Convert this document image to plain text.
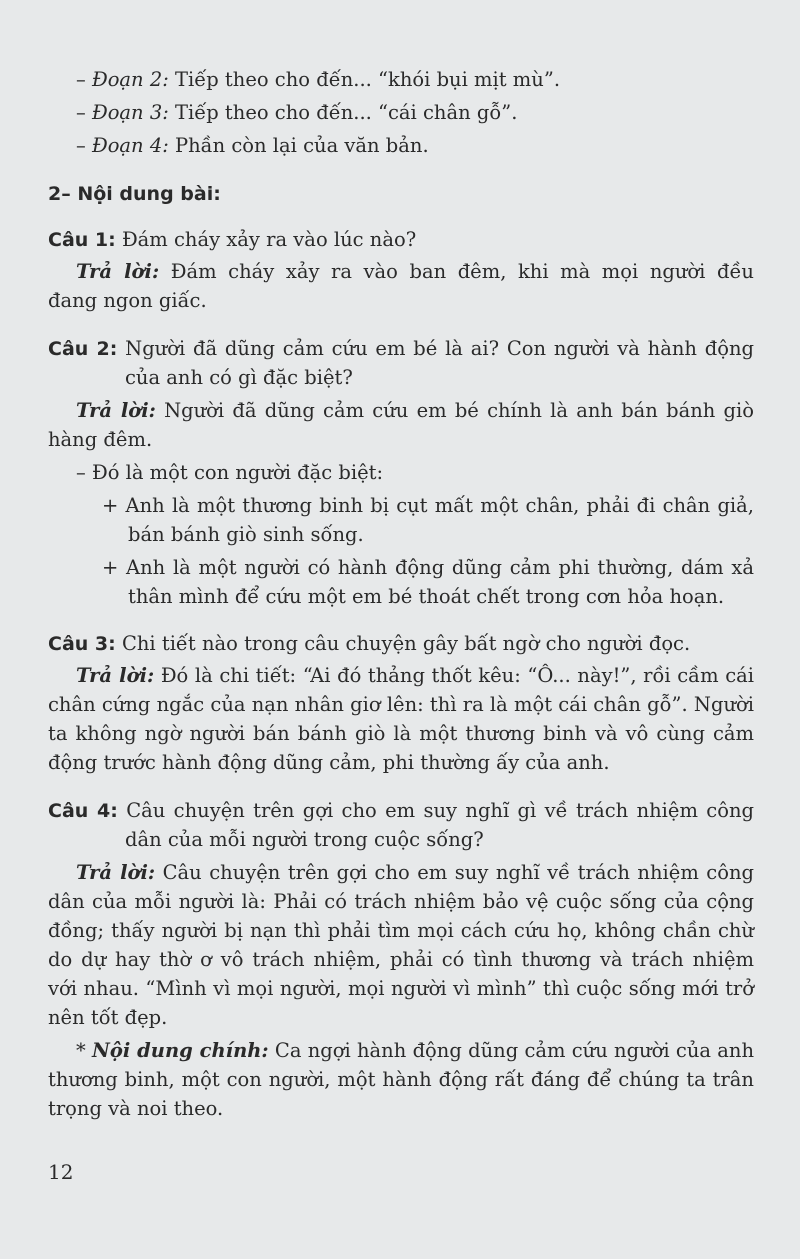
– Đoạn 2: Tiếp theo cho đến... “khói bụi mịt mù”.
– Đoạn 3: Tiếp theo cho đến... “cái chân gỗ”.
– Đoạn 4: Phần còn lại của văn bản.
2– Nội dung bài:
Câu 1: Đám cháy xảy ra vào lúc nào?
Trả lời: Đám cháy xảy ra vào ban đêm, khi mà mọi người đều
đang ngon giấc.
Câu 2: Người đã dũng cảm cứu em bé là ai? Con người và hành động
của anh có gì đặc biệt?
Trả lời: Người đã dũng cảm cứu em bé chính là anh bán bánh giò
hàng đêm.
– Đó là một con người đặc biệt:
+ Anh là một thương binh bị cụt mất một chân, phải đi chân giả,
bán bánh giò sinh sống.
+ Anh là một người có hành động dũng cảm phi thường, dám xả
thân mình để cứu một em bé thoát chết trong cơn hỏa hoạn.
Câu 3: Chi tiết nào trong câu chuyện gây bất ngờ cho người đọc.
Trả lời: Đó là chi tiết: “Ai đó thảng thốt kêu: “Ô... này!”, rồi cầm cái
chân cứng ngắc của nạn nhân giơ lên: thì ra là một cái chân gỗ”. Người
ta không ngờ người bán bánh giò là một thương binh và vô cùng cảm
động trước hành động dũng cảm, phi thường ấy của anh.
Câu 4: Câu chuyện trên gợi cho em suy nghĩ gì về trách nhiệm công
dân của mỗi người trong cuộc sống?
Trả lời: Câu chuyện trên gợi cho em suy nghĩ về trách nhiệm công
dân của mỗi người là: Phải có trách nhiệm bảo vệ cuộc sống của cộng
đồng; thấy người bị nạn thì phải tìm mọi cách cứu họ, không chần chừ
do dự hay thờ ơ vô trách nhiệm, phải có tình thương và trách nhiệm
với nhau. “Mình vì mọi người, mọi người vì mình” thì cuộc sống mới trở
nên tốt đẹp.
* Nội dung chính: Ca ngợi hành động dũng cảm cứu người của anh
thương binh, một con người, một hành động rất đáng để chúng ta trân
trọng và noi theo.
12
